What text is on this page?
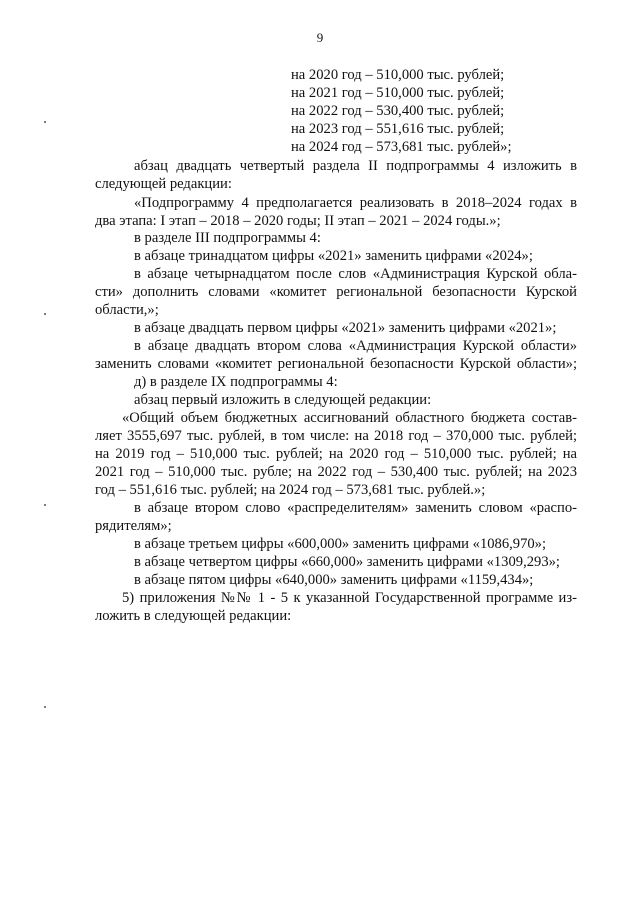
9
на 2020 год – 510,000 тыс. рублей;
на 2021 год – 510,000 тыс. рублей;
на 2022 год – 530,400 тыс. рублей;
на 2023 год – 551,616 тыс. рублей;
на 2024 год – 573,681 тыс. рублей»;
абзац двадцать четвертый раздела II подпрограммы 4 изложить в
следующей редакции:
«Подпрограмму 4 предполагается реализовать в 2018–2024 годах в
два этапа: I этап – 2018 – 2020 годы; II этап – 2021 – 2024 годы.»;
в разделе III подпрограммы 4:
в абзаце тринадцатом цифры «2021» заменить цифрами «2024»;
в абзаце четырнадцатом после слов «Администрация Курской обла-
сти» дополнить словами «комитет региональной безопасности Курской
области,»;
в абзаце двадцать первом цифры «2021» заменить цифрами «2021»;
в абзаце двадцать втором слова «Администрация Курской области»
заменить словами «комитет региональной безопасности Курской области»;
д) в разделе IX подпрограммы 4:
абзац первый изложить в следующей редакции:
«Общий объем бюджетных ассигнований областного бюджета состав-
ляет 3555,697 тыс. рублей, в том числе: на 2018 год – 370,000 тыс. рублей;
на 2019 год – 510,000 тыс. рублей; на 2020 год – 510,000 тыс. рублей; на
2021 год – 510,000 тыс. рубле; на 2022 год – 530,400 тыс. рублей; на 2023
год – 551,616 тыс. рублей; на 2024 год – 573,681 тыс. рублей.»;
в абзаце втором слово «распределителям» заменить словом «распо-
рядителям»;
в абзаце третьем цифры «600,000» заменить цифрами «1086,970»;
в абзаце четвертом цифры «660,000» заменить цифрами «1309,293»;
в абзаце пятом цифры «640,000» заменить цифрами «1159,434»;
5) приложения №№ 1 - 5 к указанной Государственной программе из-
ложить в следующей редакции:
